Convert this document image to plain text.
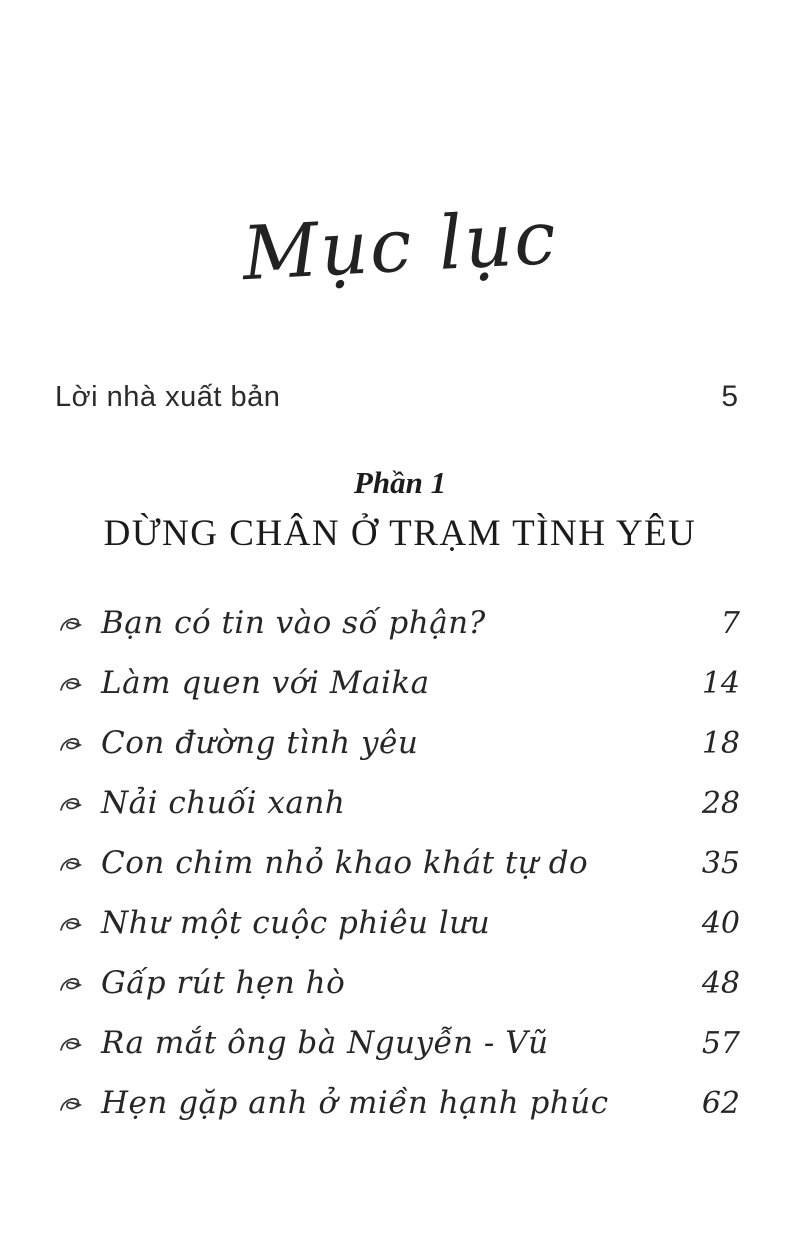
Mục lục
Lời nhà xuất bản	5
Phần 1
DỪNG CHÂN Ở TRẠM TÌNH YÊU
Bạn có tin vào số phận?	7
Làm quen với Maika	14
Con đường tình yêu	18
Nải chuối xanh	28
Con chim nhỏ khao khát tự do	35
Như một cuộc phiêu lưu	40
Gấp rút hẹn hò	48
Ra mắt ông bà Nguyễn - Vũ	57
Hẹn gặp anh ở miền hạnh phúc	62
